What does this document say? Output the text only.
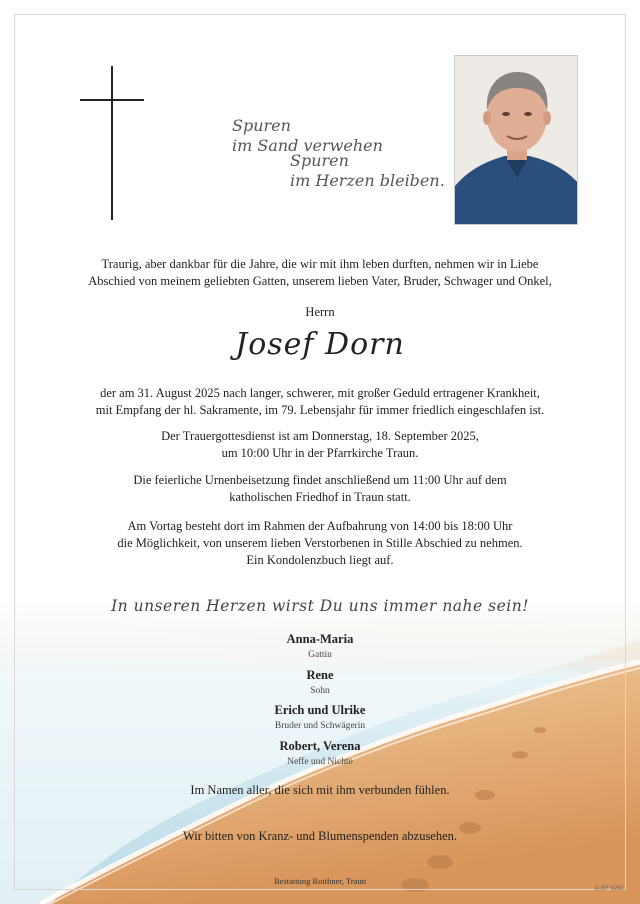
Spuren
im Sand verwehen
Spuren
im Herzen bleiben.
Traurig, aber dankbar für die Jahre, die wir mit ihm leben durften, nehmen wir in Liebe
Abschied von meinem geliebten Gatten, unserem lieben Vater, Bruder, Schwager und Onkel,
Herrn
Josef Dorn
der am 31. August 2025 nach langer, schwerer, mit großer Geduld ertragener Krankheit,
mit Empfang der hl. Sakramente, im 79. Lebensjahr für immer friedlich eingeschlafen ist.
Der Trauergottesdienst ist am Donnerstag, 18. September 2025,
um 10:00 Uhr in der Pfarrkirche Traun.
Die feierliche Urnenbeisetzung findet anschließend um 11:00 Uhr auf dem
katholischen Friedhof in Traun statt.
Am Vortag besteht dort im Rahmen der Aufbahrung von 14:00 bis 18:00 Uhr
die Möglichkeit, von unserem lieben Verstorbenen in Stille Abschied zu nehmen.
Ein Kondolenzbuch liegt auf.
In unseren Herzen wirst Du uns immer nahe sein!
Anna-Maria
Gattin
Rene
Sohn
Erich und Ulrike
Bruder und Schwägerin
Robert, Verena
Neffe und Nichte
Im Namen aller, die sich mit ihm verbunden fühlen.
Wir bitten von Kranz- und Blumenspenden abzusehen.
Bestattung Roithner, Traun
G-EF 9262
